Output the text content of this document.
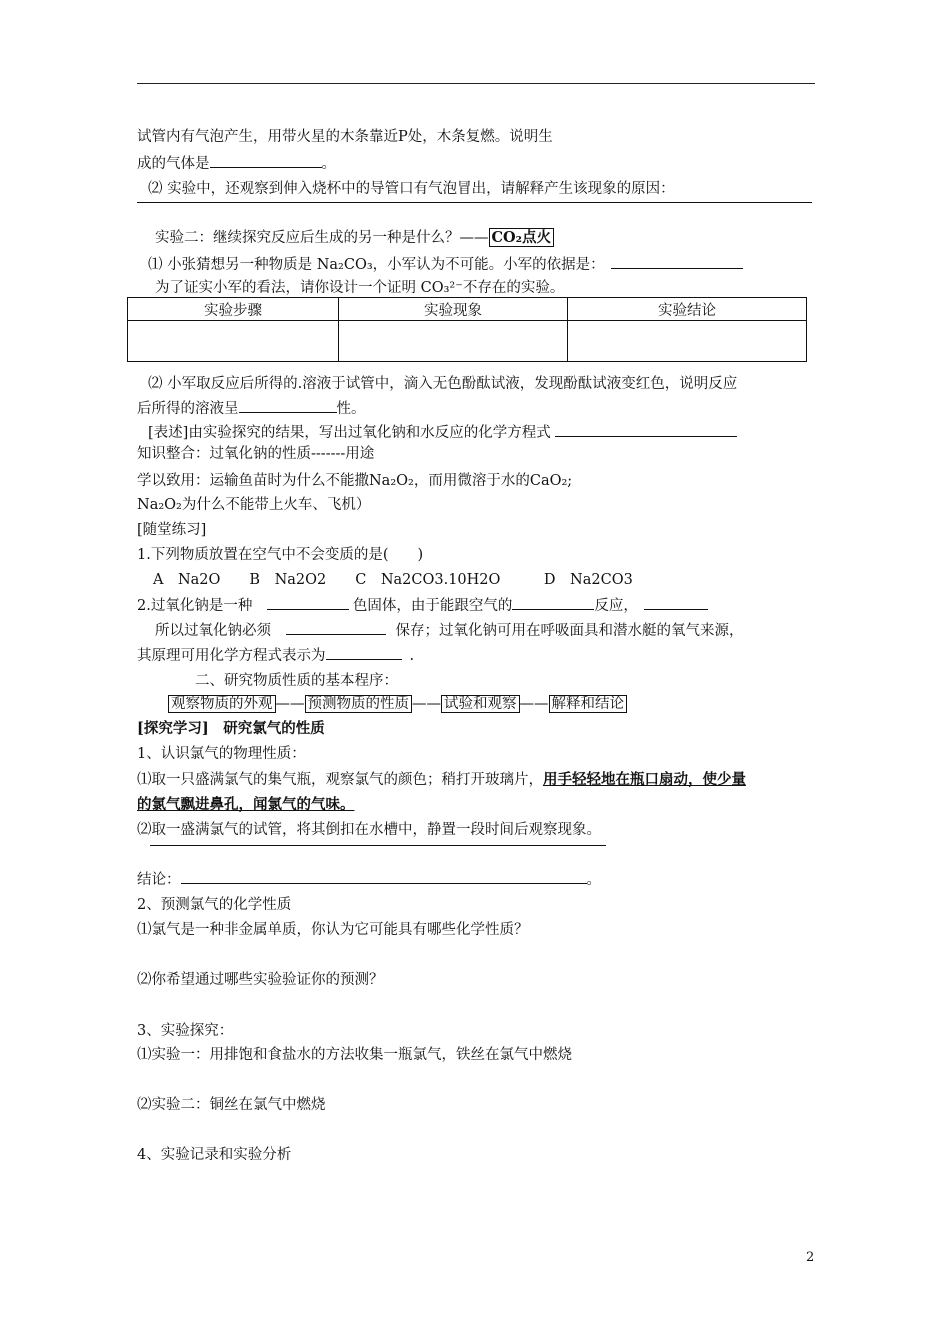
试管内有气泡产生，用带火星的木条靠近P处，木条复燃。说明生
成的气体是	。
⑵ 实验中，还观察到伸入烧杯中的导管口有气泡冒出，请解释产生该现象的原因：
实验二：继续探究反应后生成的另一种是什么？—— CO₂点火
⑴ 小张猜想另一种物质是 Na₂CO₃，小军认为不可能。小军的依据是：
为了证实小军的看法，请你设计一个证明 CO₃²⁻不存在的实验。
实验步骤	实验现象	实验结论

⑵ 小军取反应后所得的.溶液于试管中，滴入无色酚酞试液，发现酚酞试液变红色，说明反应
后所得的溶液呈	性。
[表述]由实验探究的结果，写出过氧化钠和水反应的化学方程式
知识整合：过氧化钠的性质-------用途
学以致用：运输鱼苗时为什么不能撒Na₂O₂，而用微溶于水的CaO₂;
Na₂O₂为什么不能带上火车、飞机）
[随堂练习]
1.下列物质放置在空气中不会变质的是(　　)
A　Na2O　　B　Na2O2　　C　Na2CO3.10H2O　　　D　Na2CO3
2.过氧化钠是一种　	色固体，由于能跟空气的	反应，
所以过氧化钠必须　	保存；过氧化钠可用在呼吸面具和潜水艇的氧气来源，
其原理可用化学方程式表示为	.
二、研究物质性质的基本程序：
观察物质的外观 —— 预测物质的性质 —— 试验和观察 —— 解释和结论
[探究学习]　 研究氯气的性质
1、认识氯气的物理性质：
⑴取一只盛满氯气的集气瓶，观察氯气的颜色；稍打开玻璃片，用手轻轻地在瓶口扇动，使少量
的氯气飘进鼻孔，闻氯气的气味。
⑵取一盛满氯气的试管，将其倒扣在水槽中，静置一段时间后观察现象。
结论：	。
2、预测氯气的化学性质
⑴氯气是一种非金属单质，你认为它可能具有哪些化学性质？
⑵你希望通过哪些实验验证你的预测？
3、实验探究：
⑴实验一：用排饱和食盐水的方法收集一瓶氯气，铁丝在氯气中燃烧
⑵实验二：铜丝在氯气中燃烧
4、实验记录和实验分析
2
